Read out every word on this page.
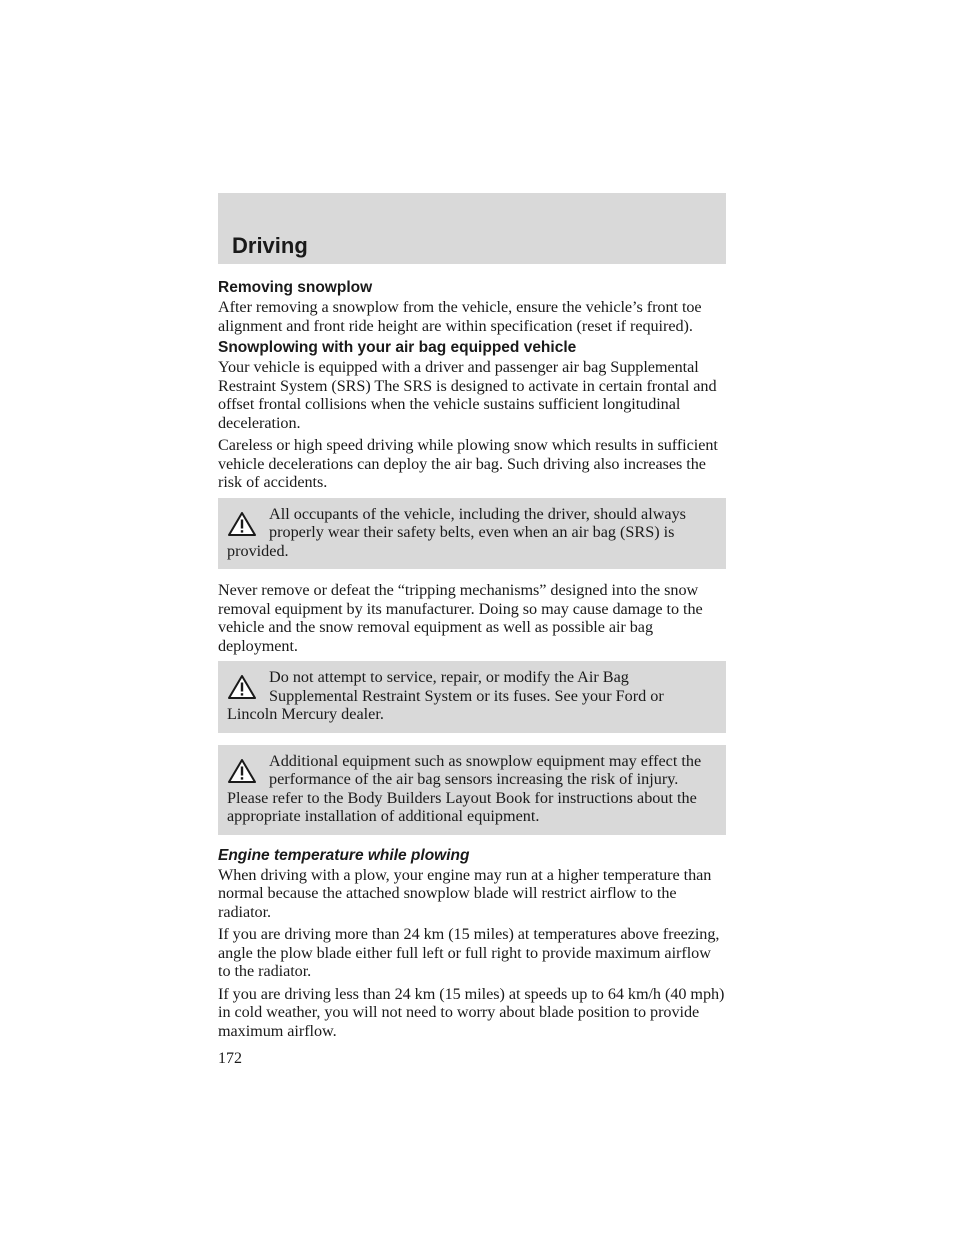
Driving
Removing snowplow
After removing a snowplow from the vehicle, ensure the vehicle’s front toe alignment and front ride height are within specification (reset if required).
Snowplowing with your air bag equipped vehicle
Your vehicle is equipped with a driver and passenger air bag Supplemental Restraint System (SRS) The SRS is designed to activate in certain frontal and offset frontal collisions when the vehicle sustains sufficient longitudinal deceleration.
Careless or high speed driving while plowing snow which results in sufficient vehicle decelerations can deploy the air bag. Such driving also increases the risk of accidents.
All occupants of the vehicle, including the driver, should always properly wear their safety belts, even when an air bag (SRS) is provided.
Never remove or defeat the “tripping mechanisms” designed into the snow removal equipment by its manufacturer. Doing so may cause damage to the vehicle and the snow removal equipment as well as possible air bag deployment.
Do not attempt to service, repair, or modify the Air Bag Supplemental Restraint System or its fuses. See your Ford or Lincoln Mercury dealer.
Additional equipment such as snowplow equipment may effect the performance of the air bag sensors increasing the risk of injury. Please refer to the Body Builders Layout Book for instructions about the appropriate installation of additional equipment.
Engine temperature while plowing
When driving with a plow, your engine may run at a higher temperature than normal because the attached snowplow blade will restrict airflow to the radiator.
If you are driving more than 24 km (15 miles) at temperatures above freezing, angle the plow blade either full left or full right to provide maximum airflow to the radiator.
If you are driving less than 24 km (15 miles) at speeds up to 64 km/h (40 mph) in cold weather, you will not need to worry about blade position to provide maximum airflow.
172
